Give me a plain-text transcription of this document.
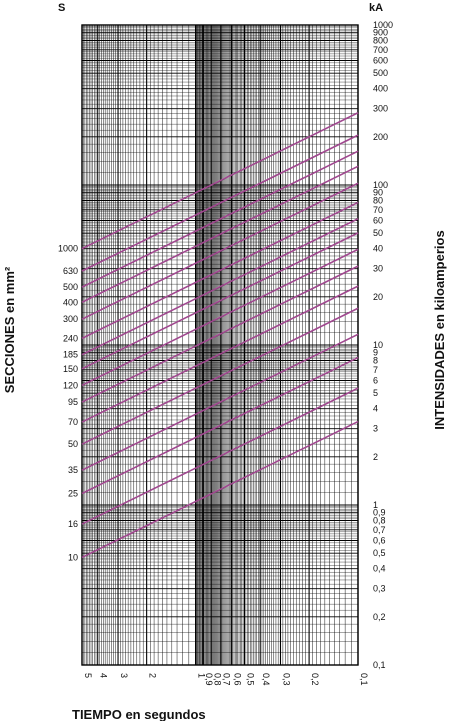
1000
630
500
400
300
240
185
150
120
95
70
50
35
25
16
10
1000
900
800
700
600
500
400
300
200
100
90
80
70
60
50
40
30
20
10
9
8
7
6
5
4
3
2
1
0,9
0,8
0,7
0,6
0,5
0,4
0,3
0,2
0,1
5 4 3 2	1
0,9
0,8 0,7 0,6 0,5 0,4 0,3 0,2	0,1
S	kA
SECCIONES en mm²	INTENSIDADES en kiloamperios
TIEMPO en segundos
